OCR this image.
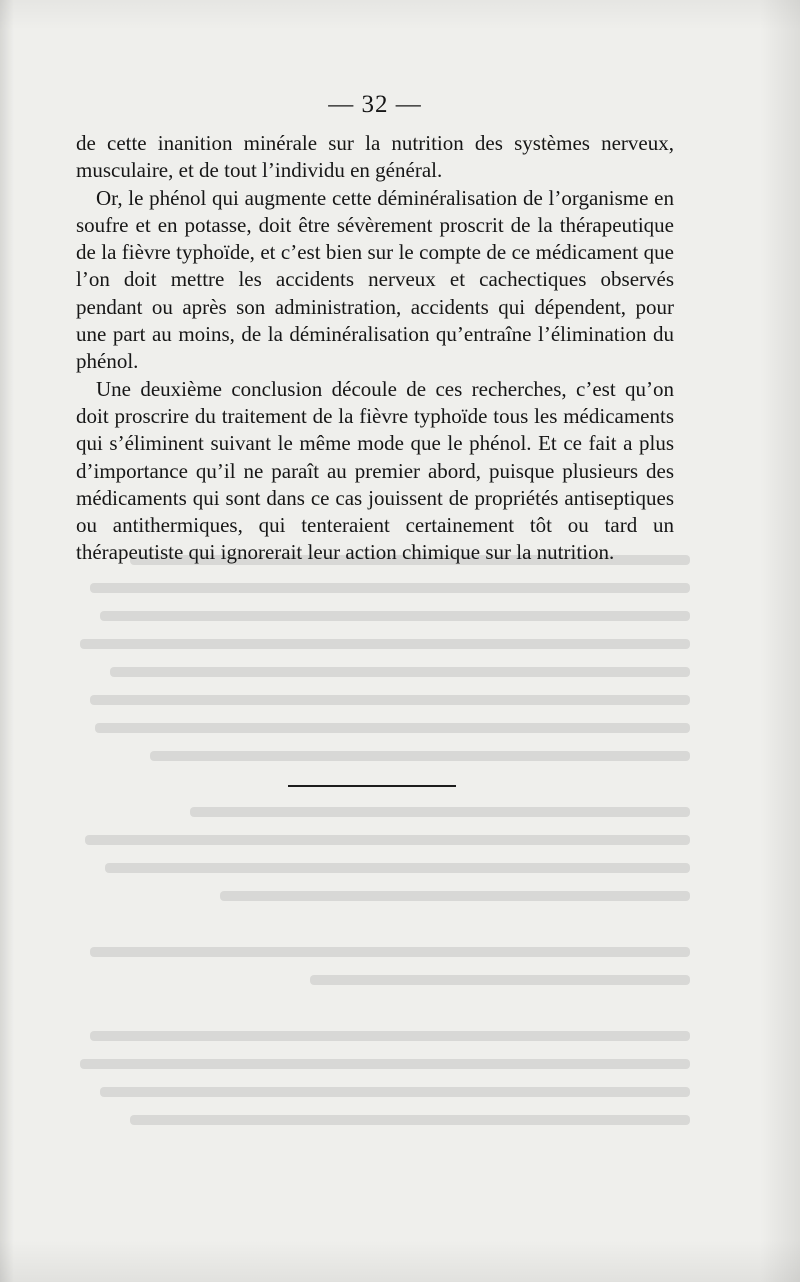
— 32 —

de cette inanition minérale sur la nutrition des systèmes nerveux, musculaire, et de tout l’individu en général.

Or, le phénol qui augmente cette déminéralisation de l’organisme en soufre et en potasse, doit être sévèrement proscrit de la thérapeutique de la fièvre typhoïde, et c’est bien sur le compte de ce médicament que l’on doit mettre les accidents nerveux et cachectiques observés pendant ou après son administration, accidents qui dépendent, pour une part au moins, de la déminéralisation qu’entraîne l’élimination du phénol.

Une deuxième conclusion découle de ces recherches, c’est qu’on doit proscrire du traitement de la fièvre typhoïde tous les médicaments qui s’éliminent suivant le même mode que le phénol. Et ce fait a plus d’importance qu’il ne paraît au premier abord, puisque plusieurs des médicaments qui sont dans ce cas jouissent de propriétés antiseptiques ou antithermiques, qui tenteraient certainement tôt ou tard un thérapeutiste qui ignorerait leur action chimique sur la nutrition.
